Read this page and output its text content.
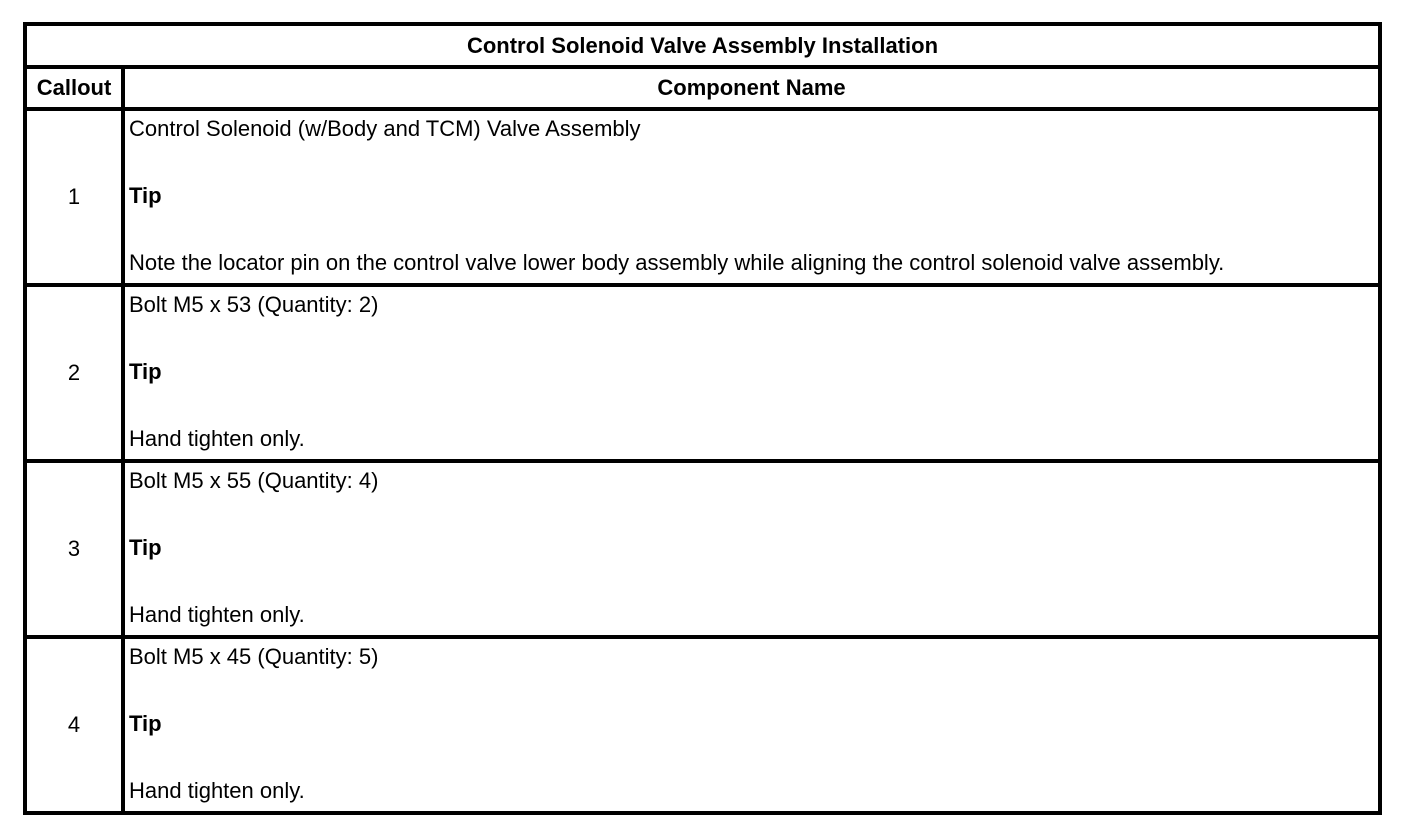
Control Solenoid Valve Assembly Installation	
Callout	Component Name
1	Control Solenoid (w/Body and TCM) Valve Assembly
Tip
Note the locator pin on the control valve lower body assembly while aligning the control solenoid valve assembly.

2	Bolt M5 x 53 (Quantity: 2)
Tip
Hand tighten only.

3	Bolt M5 x 55 (Quantity: 4)
Tip
Hand tighten only.

4	Bolt M5 x 45 (Quantity: 5)
Tip
Hand tighten only.
